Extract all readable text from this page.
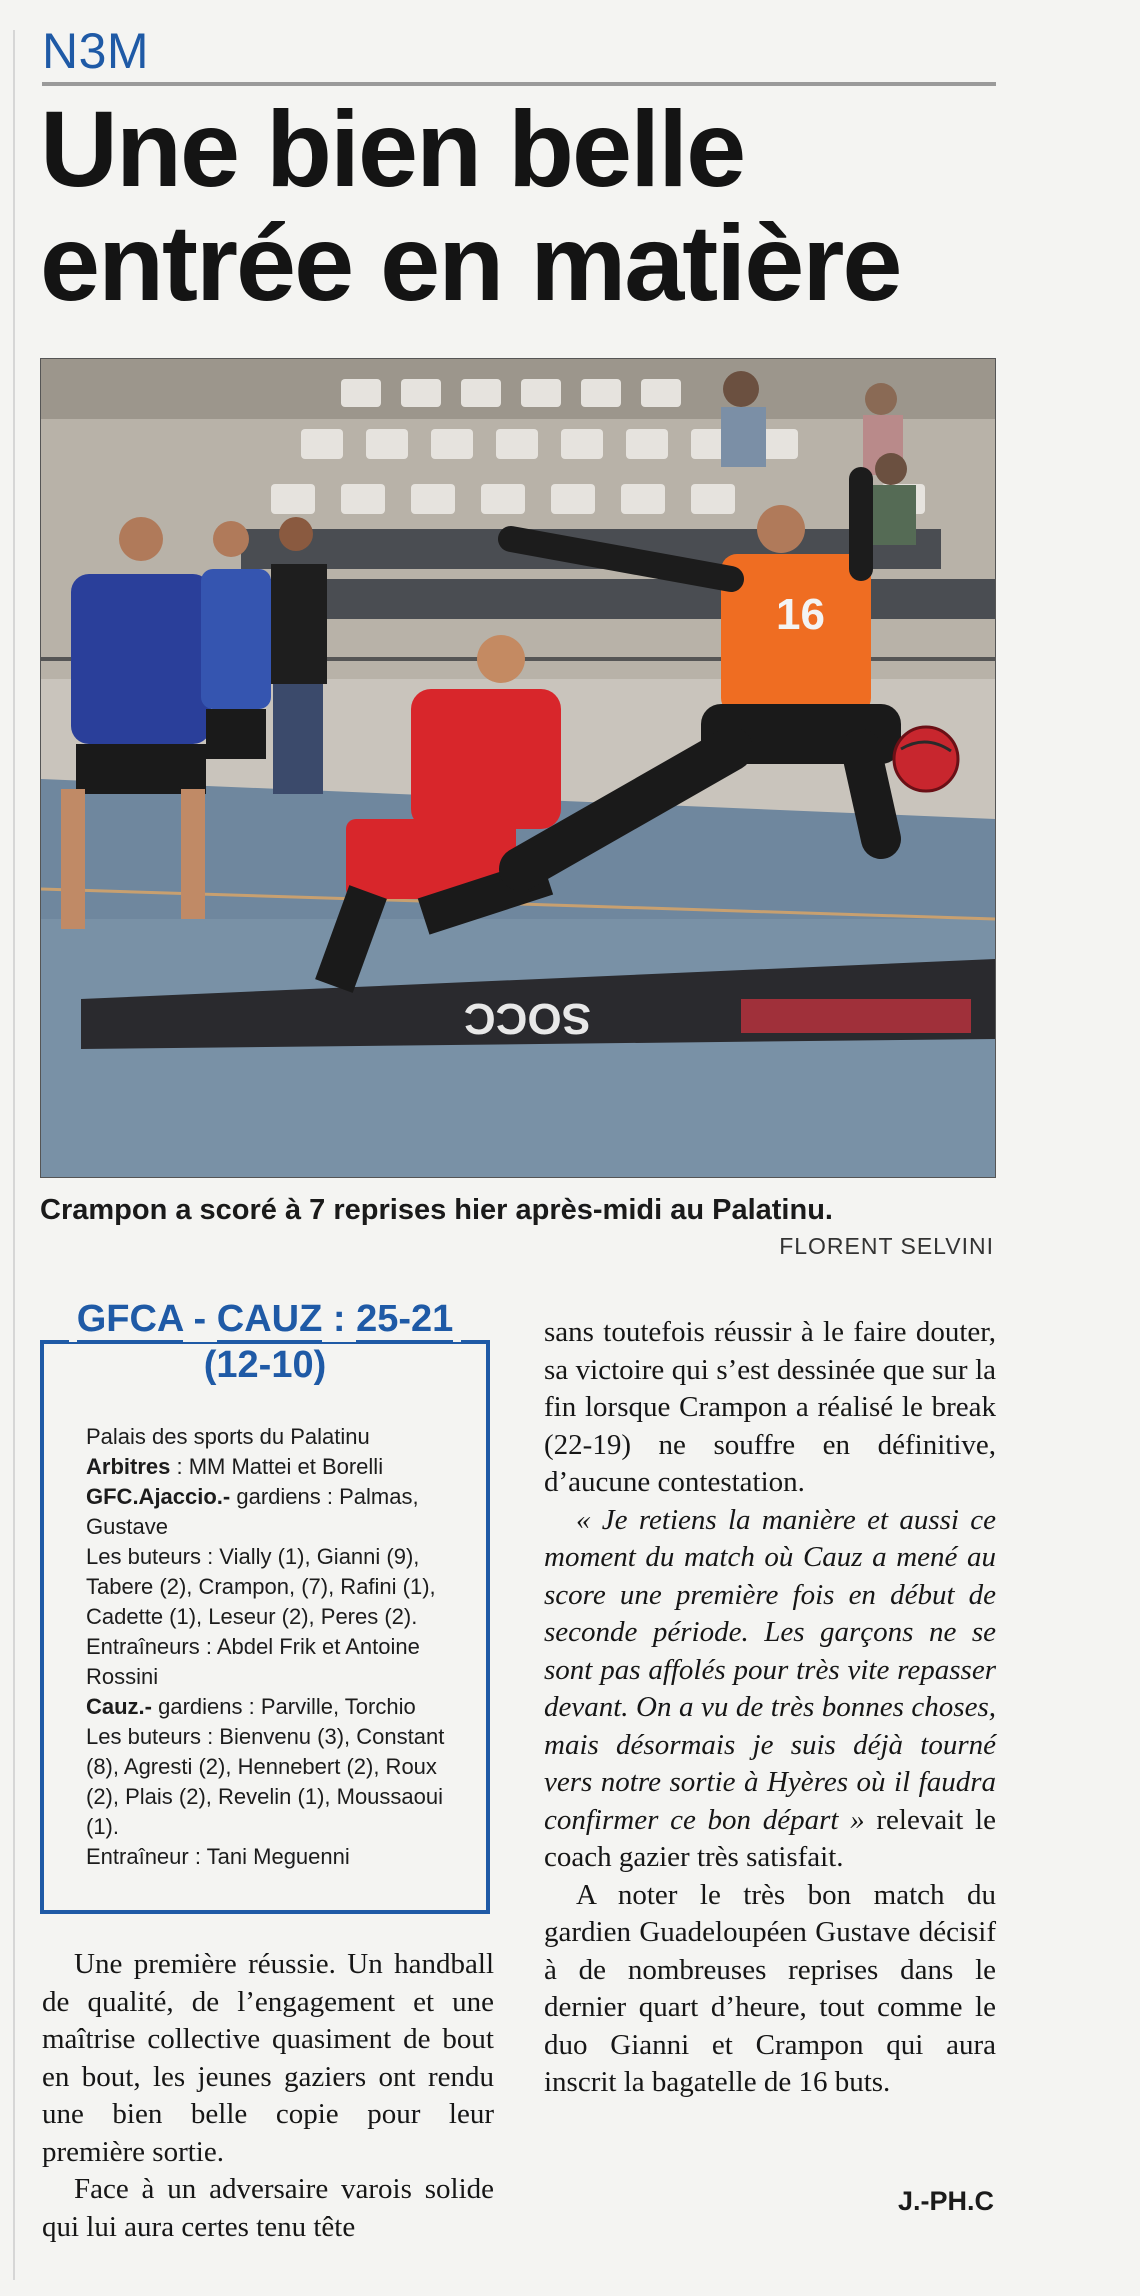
N3M
Une bien belle
entrée en matière
SOCC
16
Crampon a scoré à 7 reprises hier après-midi au Palatinu.
FLORENT SELVINI
GFCA - CAUZ : 25-21
(12-10)

Palais des sports du Palatinu

Arbitres : MM Mattei et Borelli

GFC.Ajaccio.- gardiens : Palmas, Gustave

Les buteurs : Vially (1), Gianni (9), Tabere (2), Crampon, (7), Rafini (1), Cadette (1), Leseur (2), Peres (2).

Entraîneurs : Abdel Frik et Antoine Rossini

Cauz.- gardiens : Parville, Torchio

Les buteurs : Bienvenu (3), Constant (8), Agresti (2), Hennebert (2), Roux (2), Plais (2), Revelin (1), Moussaoui (1).

Entraîneur : Tani Meguenni

Une première réussie. Un handball de qualité, de l’engagement et une maîtrise collective quasiment de bout en bout, les jeunes gaziers ont rendu une bien belle copie pour leur première sortie.

Face à un adversaire varois solide qui lui aura certes tenu tête

sans toutefois réussir à le faire douter, sa victoire qui s’est dessinée que sur la fin lorsque Crampon a réalisé le break (22-19) ne souffre en définitive, d’aucune contestation.

« Je retiens la manière et aussi ce moment du match où Cauz a mené au score une première fois en début de seconde période. Les garçons ne se sont pas affolés pour très vite repasser devant. On a vu de très bonnes choses, mais désormais je suis déjà tourné vers notre sortie à Hyères où il faudra confirmer ce bon départ » relevait le coach gazier très satisfait.

A noter le très bon match du gardien Guadeloupéen Gustave décisif à de nombreuses reprises dans le dernier quart d’heure, tout comme le duo Gianni et Crampon qui aura inscrit la bagatelle de 16 buts.

J.-PH.C
